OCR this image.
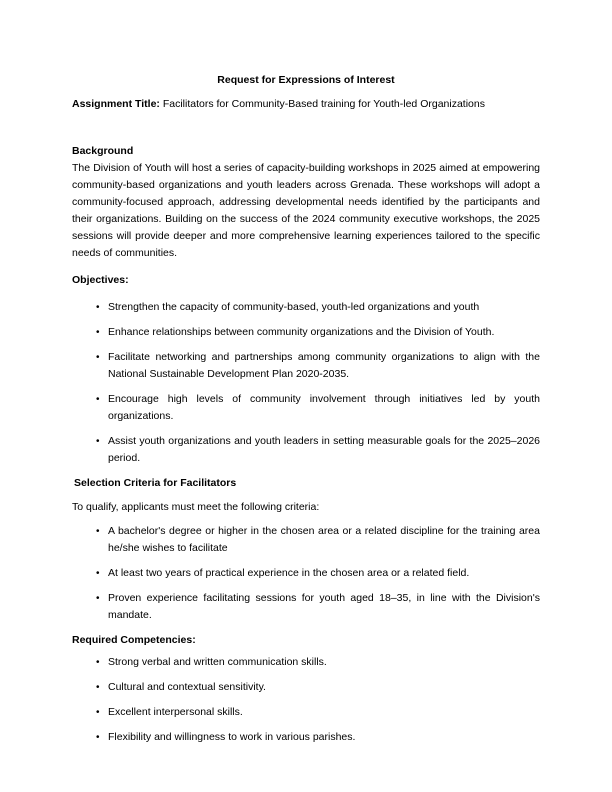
Request for Expressions of Interest

Assignment Title: Facilitators for Community-Based training for Youth-led Organizations

Background

The Division of Youth will host a series of capacity-building workshops in 2025 aimed at empowering community-based organizations and youth leaders across Grenada. These workshops will adopt a community-focused approach, addressing developmental needs identified by the participants and their organizations. Building on the success of the 2024 community executive workshops, the 2025 sessions will provide deeper and more comprehensive learning experiences tailored to the specific needs of communities.

Objectives:

• Strengthen the capacity of community-based, youth-led organizations and youth
• Enhance relationships between community organizations and the Division of Youth.
• Facilitate networking and partnerships among community organizations to align with the National Sustainable Development Plan 2020-2035.
• Encourage high levels of community involvement through initiatives led by youth organizations.
• Assist youth organizations and youth leaders in setting measurable goals for the 2025–2026 period.

Selection Criteria for Facilitators

To qualify, applicants must meet the following criteria:

• A bachelor's degree or higher in the chosen area or a related discipline for the training area he/she wishes to facilitate
• At least two years of practical experience in the chosen area or a related field.
• Proven experience facilitating sessions for youth aged 18–35, in line with the Division's mandate.

Required Competencies:

• Strong verbal and written communication skills.
• Cultural and contextual sensitivity.
• Excellent interpersonal skills.
• Flexibility and willingness to work in various parishes.
